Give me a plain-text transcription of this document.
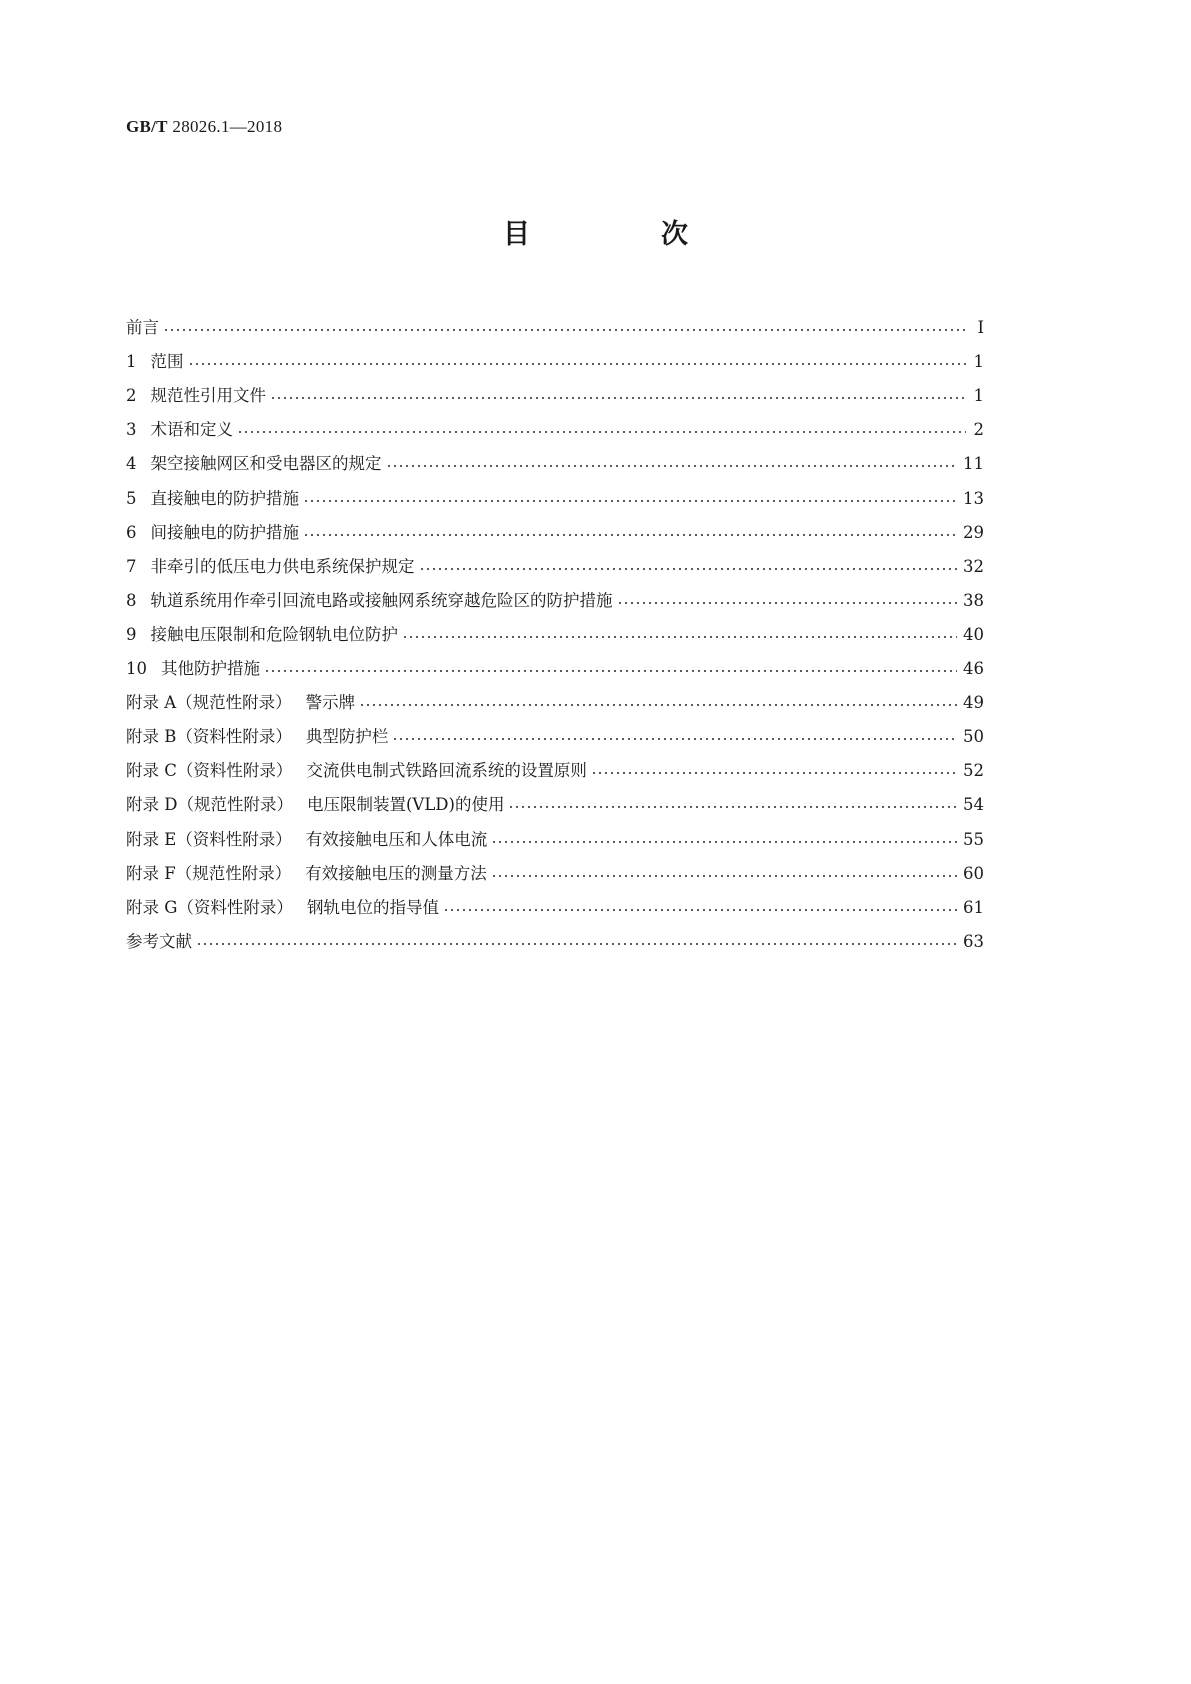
GB/T 28026.1—2018
目　次
前言	Ⅰ
1 范围	1
2 规范性引用文件	1
3 术语和定义	2
4 架空接触网区和受电器区的规定	11
5 直接触电的防护措施	13
6 间接触电的防护措施	29
7 非牵引的低压电力供电系统保护规定	32
8 轨道系统用作牵引回流电路或接触网系统穿越危险区的防护措施	38
9 接触电压限制和危险钢轨电位防护	40
10 其他防护措施	46
附录 A（规范性附录） 警示牌	49
附录 B（资料性附录） 典型防护栏	50
附录 C（资料性附录） 交流供电制式铁路回流系统的设置原则	52
附录 D（规范性附录） 电压限制装置(VLD)的使用	54
附录 E（资料性附录） 有效接触电压和人体电流	55
附录 F（规范性附录） 有效接触电压的测量方法	60
附录 G（资料性附录） 钢轨电位的指导值	61
参考文献	63
